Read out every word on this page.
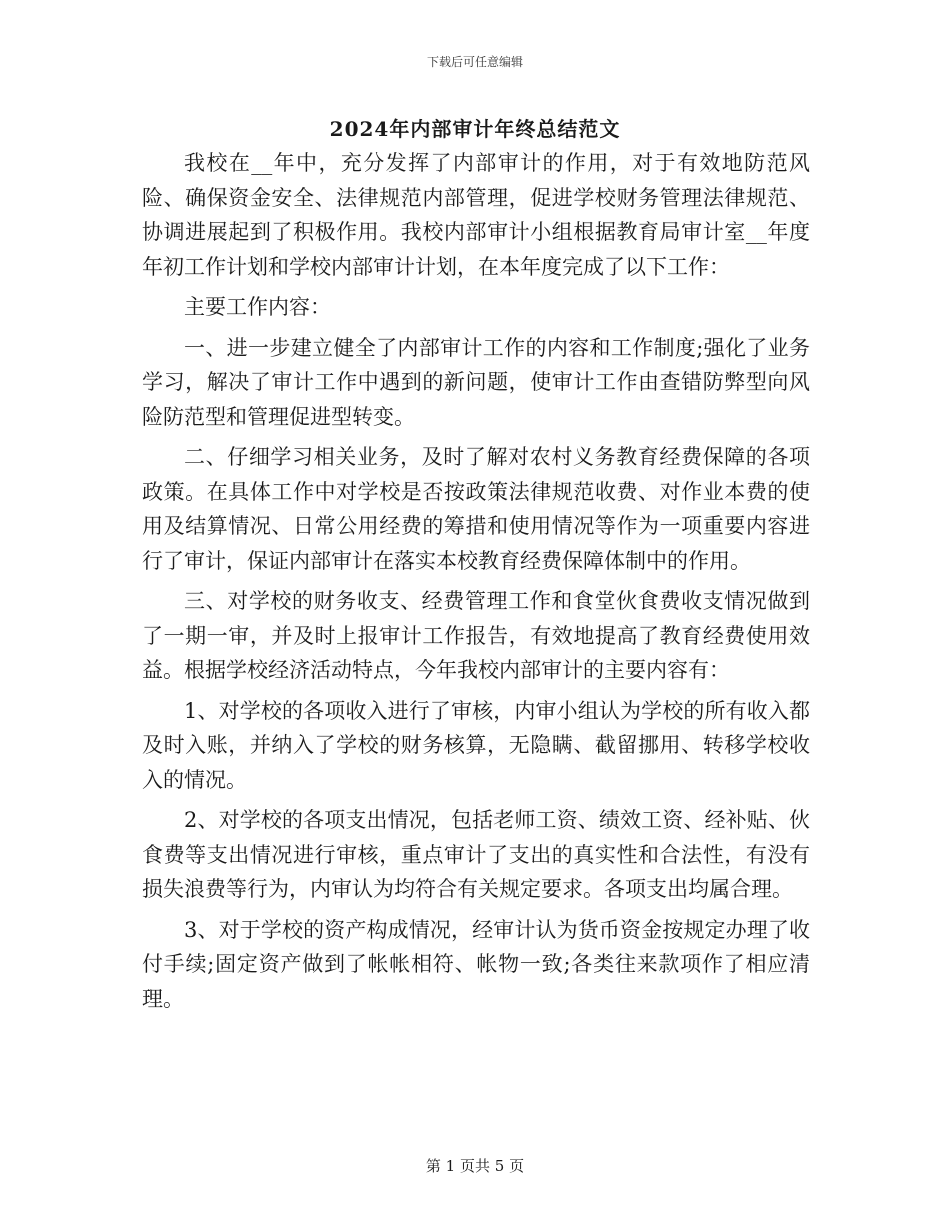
下载后可任意编辑
2024年内部审计年终总结范文

我校在__年中，充分发挥了内部审计的作用，对于有效地防范风险、确保资金安全、法律规范内部管理，促进学校财务管理法律规范、协调进展起到了积极作用。我校内部审计小组根据教育局审计室__年度年初工作计划和学校内部审计计划，在本年度完成了以下工作：

主要工作内容：

一、进一步建立健全了内部审计工作的内容和工作制度;强化了业务学习，解决了审计工作中遇到的新问题，使审计工作由查错防弊型向风险防范型和管理促进型转变。

二、仔细学习相关业务，及时了解对农村义务教育经费保障的各项政策。在具体工作中对学校是否按政策法律规范收费、对作业本费的使用及结算情况、日常公用经费的筹措和使用情况等作为一项重要内容进行了审计，保证内部审计在落实本校教育经费保障体制中的作用。

三、对学校的财务收支、经费管理工作和食堂伙食费收支情况做到了一期一审，并及时上报审计工作报告，有效地提高了教育经费使用效益。根据学校经济活动特点，今年我校内部审计的主要内容有：

1、对学校的各项收入进行了审核，内审小组认为学校的所有收入都及时入账，并纳入了学校的财务核算，无隐瞒、截留挪用、转移学校收入的情况。

2、对学校的各项支出情况，包括老师工资、绩效工资、经补贴、伙食费等支出情况进行审核，重点审计了支出的真实性和合法性，有没有损失浪费等行为，内审认为均符合有关规定要求。各项支出均属合理。

3、对于学校的资产构成情况，经审计认为货币资金按规定办理了收付手续;固定资产做到了帐帐相符、帐物一致;各类往来款项作了相应清理。

第 1 页共 5 页
